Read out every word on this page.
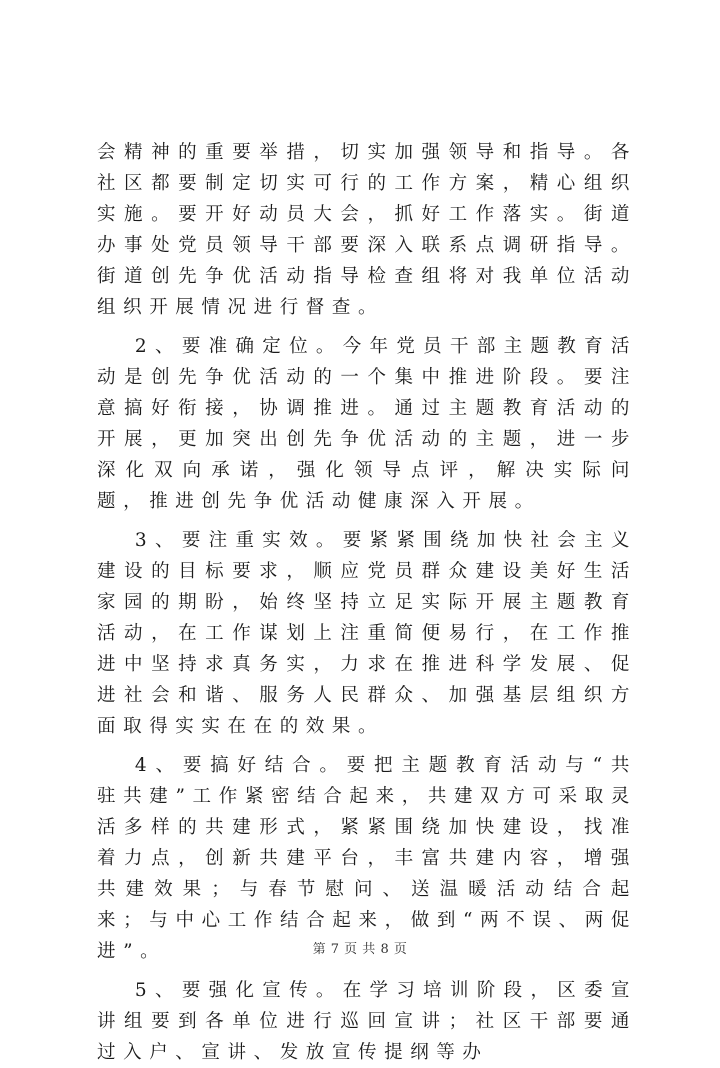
会精神的重要举措，切实加强领导和指导。各社区都要制定切实可行的工作方案，精心组织实施。要开好动员大会，抓好工作落实。街道办事处党员领导干部要深入联系点调研指导。街道创先争优活动指导检查组将对我单位活动组织开展情况进行督查。

2、要准确定位。今年党员干部主题教育活动是创先争优活动的一个集中推进阶段。要注意搞好衔接，协调推进。通过主题教育活动的开展，更加突出创先争优活动的主题，进一步深化双向承诺，强化领导点评，解决实际问题，推进创先争优活动健康深入开展。

3、要注重实效。要紧紧围绕加快社会主义建设的目标要求，顺应党员群众建设美好生活家园的期盼，始终坚持立足实际开展主题教育活动，在工作谋划上注重简便易行，在工作推进中坚持求真务实，力求在推进科学发展、促进社会和谐、服务人民群众、加强基层组织方面取得实实在在的效果。

4、要搞好结合。要把主题教育活动与“共驻共建”工作紧密结合起来，共建双方可采取灵活多样的共建形式，紧紧围绕加快建设，找准着力点，创新共建平台，丰富共建内容，增强共建效果；与春节慰问、送温暖活动结合起来；与中心工作结合起来，做到“两不误、两促进”。

5、要强化宣传。在学习培训阶段，区委宣讲组要到各单位进行巡回宣讲；社区干部要通过入户、宣讲、发放宣传提纲等办

第 7 页 共 8 页
